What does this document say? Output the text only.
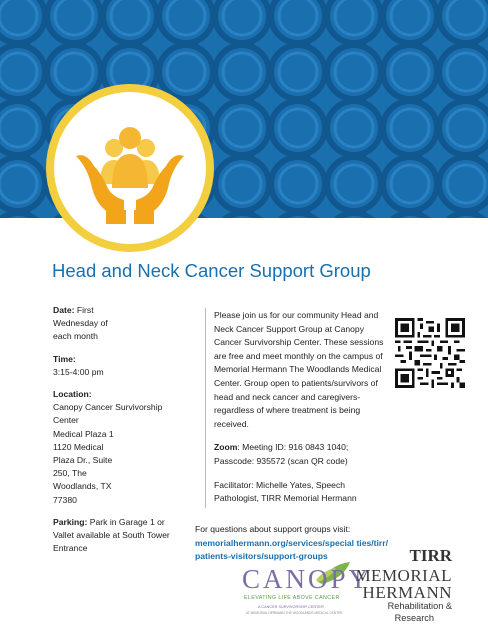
Head and Neck Cancer Support Group
Date: First
Wednesday of
each month
Time:
3:15-4:00 pm
Location:
Canopy Cancer Survivorship
Center
Medical Plaza 1
1120 Medical
Plaza Dr., Suite
250, The
Woodlands, TX
77380
Parking: Park in Garage 1 or
Vallet available at South Tower
Entrance

Please join us for our community Head and Neck Cancer Support Group at Canopy Cancer Survivorship Center. These sessions are free and meet monthly on the campus of Memorial Hermann The Woodlands Medical Center. Group open to patients/survivors of head and neck cancer and caregivers- regardless of where treatment is being received.

Zoom: Meeting ID: 916 0843 1040;
Passcode: 935572 (scan QR code)

Facilitator: Michelle Yates, Speech Pathologist, TIRR Memorial Hermann

For questions about support groups visit:
memorialhermann.org/services/special ties/tirr/
patients-visitors/support-groups
CANOPY
ELEVATING LIFE ABOVE CANCER
A CANCER SURVIVORSHIP CENTER
AT MEMORIAL HERMANN THE WOODLANDS MEDICAL CENTER
TIRR
MEMORIAL
HERMANN
Rehabilitation &
Research
